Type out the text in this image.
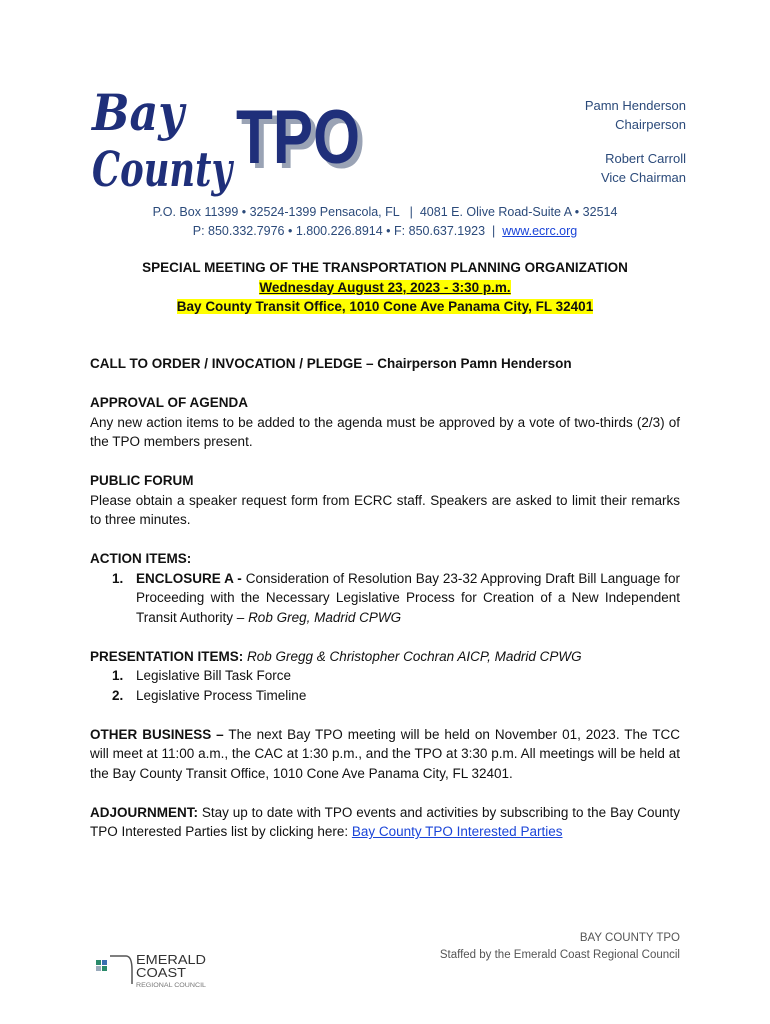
Bay
County TPO
TPO	Pamn Henderson
Chairperson
Robert Carroll
Vice Chairman
P.O. Box 11399 • 32524-1399 Pensacola, FL   |  4081 E. Olive Road-Suite A • 32514
P: 850.332.7976 • 1.800.226.8914 • F: 850.637.1923  |  www.ecrc.org
SPECIAL MEETING OF THE TRANSPORTATION PLANNING ORGANIZATION
Wednesday August 23, 2023 - 3:30 p.m.
Bay County Transit Office, 1010 Cone Ave Panama City, FL 32401
CALL TO ORDER / INVOCATION / PLEDGE – Chairperson Pamn Henderson
APPROVAL OF AGENDA
Any new action items to be added to the agenda must be approved by a vote of two-thirds (2/3) of the TPO members present.
PUBLIC FORUM
Please obtain a speaker request form from ECRC staff. Speakers are asked to limit their remarks to three minutes.
ACTION ITEMS:
1. ENCLOSURE A - Consideration of Resolution Bay 23-32 Approving Draft Bill Language for Proceeding with the Necessary Legislative Process for Creation of a New Independent Transit Authority – Rob Greg, Madrid CPWG
PRESENTATION ITEMS: Rob Gregg & Christopher Cochran AICP, Madrid CPWG
1. Legislative Bill Task Force
2. Legislative Process Timeline
OTHER BUSINESS – The next Bay TPO meeting will be held on November 01, 2023. The TCC will meet at 11:00 a.m., the CAC at 1:30 p.m., and the TPO at 3:30 p.m. All meetings will be held at the Bay County Transit Office, 1010 Cone Ave Panama City, FL 32401.
ADJOURNMENT: Stay up to date with TPO events and activities by subscribing to the Bay County TPO Interested Parties list by clicking here: Bay County TPO Interested Parties
BAY COUNTY TPO
Staffed by the Emerald Coast Regional Council
EMERALD
COAST
REGIONAL COUNCIL
